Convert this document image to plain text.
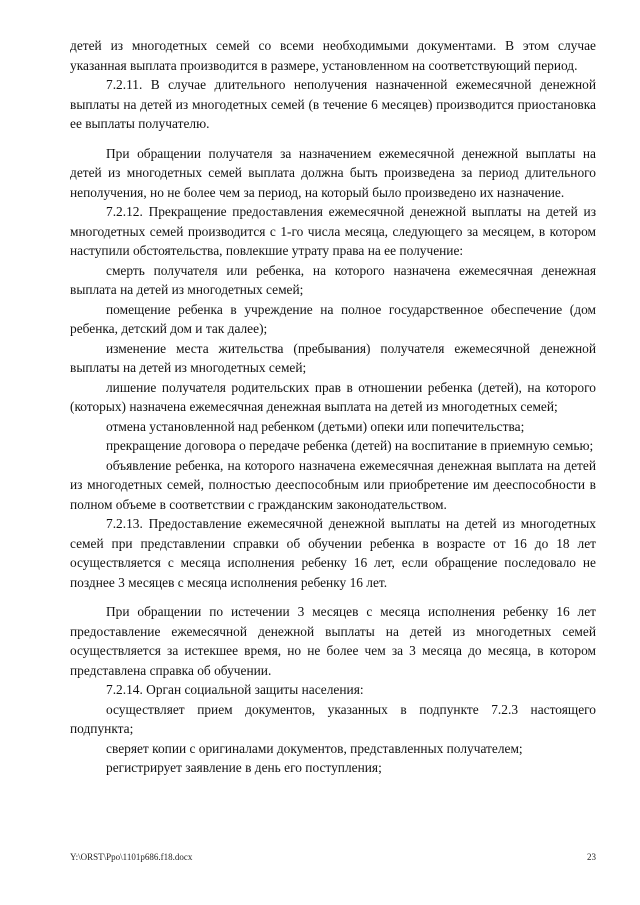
детей из многодетных семей со всеми необходимыми документами. В этом случае указанная выплата производится в размере, установленном на соответствующий период.

7.2.11. В случае длительного неполучения назначенной ежемесячной денежной выплаты на детей из многодетных семей (в течение 6 месяцев) производится приостановка ее выплаты получателю.

При обращении получателя за назначением ежемесячной денежной выплаты на детей из многодетных семей выплата должна быть произведена за период длительного неполучения, но не более чем за период, на который было произведено их назначение.

7.2.12. Прекращение предоставления ежемесячной денежной выплаты на детей из многодетных семей производится с 1-го числа месяца, следующего за месяцем, в котором наступили обстоятельства, повлекшие утрату права на ее получение:

смерть получателя или ребенка, на которого назначена ежемесячная денежная выплата на детей из многодетных семей;

помещение ребенка в учреждение на полное государственное обеспечение (дом ребенка, детский дом и так далее);

изменение места жительства (пребывания) получателя ежемесячной денежной выплаты на детей из многодетных семей;

лишение получателя родительских прав в отношении ребенка (детей), на которого (которых) назначена ежемесячная денежная выплата на детей из многодетных семей;

отмена установленной над ребенком (детьми) опеки или попечительства;

прекращение договора о передаче ребенка (детей) на воспитание в приемную семью;

объявление ребенка, на которого назначена ежемесячная денежная выплата на детей из многодетных семей, полностью дееспособным или приобретение им дееспособности в полном объеме в соответствии с гражданским законодательством.

7.2.13. Предоставление ежемесячной денежной выплаты на детей из многодетных семей при представлении справки об обучении ребенка в возрасте от 16 до 18 лет осуществляется с месяца исполнения ребенку 16 лет, если обращение последовало не позднее 3 месяцев с месяца исполнения ребенку 16 лет.

При обращении по истечении 3 месяцев с месяца исполнения ребенку 16 лет предоставление ежемесячной денежной выплаты на детей из многодетных семей осуществляется за истекшее время, но не более чем за 3 месяца до месяца, в котором представлена справка об обучении.

7.2.14. Орган социальной защиты населения:

осуществляет прием документов, указанных в подпункте 7.2.3 настоящего подпункта;

сверяет копии с оригиналами документов, представленных получателем;

регистрирует заявление в день его поступления;

Y:\ORST\Ppo\1101p686.f18.docx	23
